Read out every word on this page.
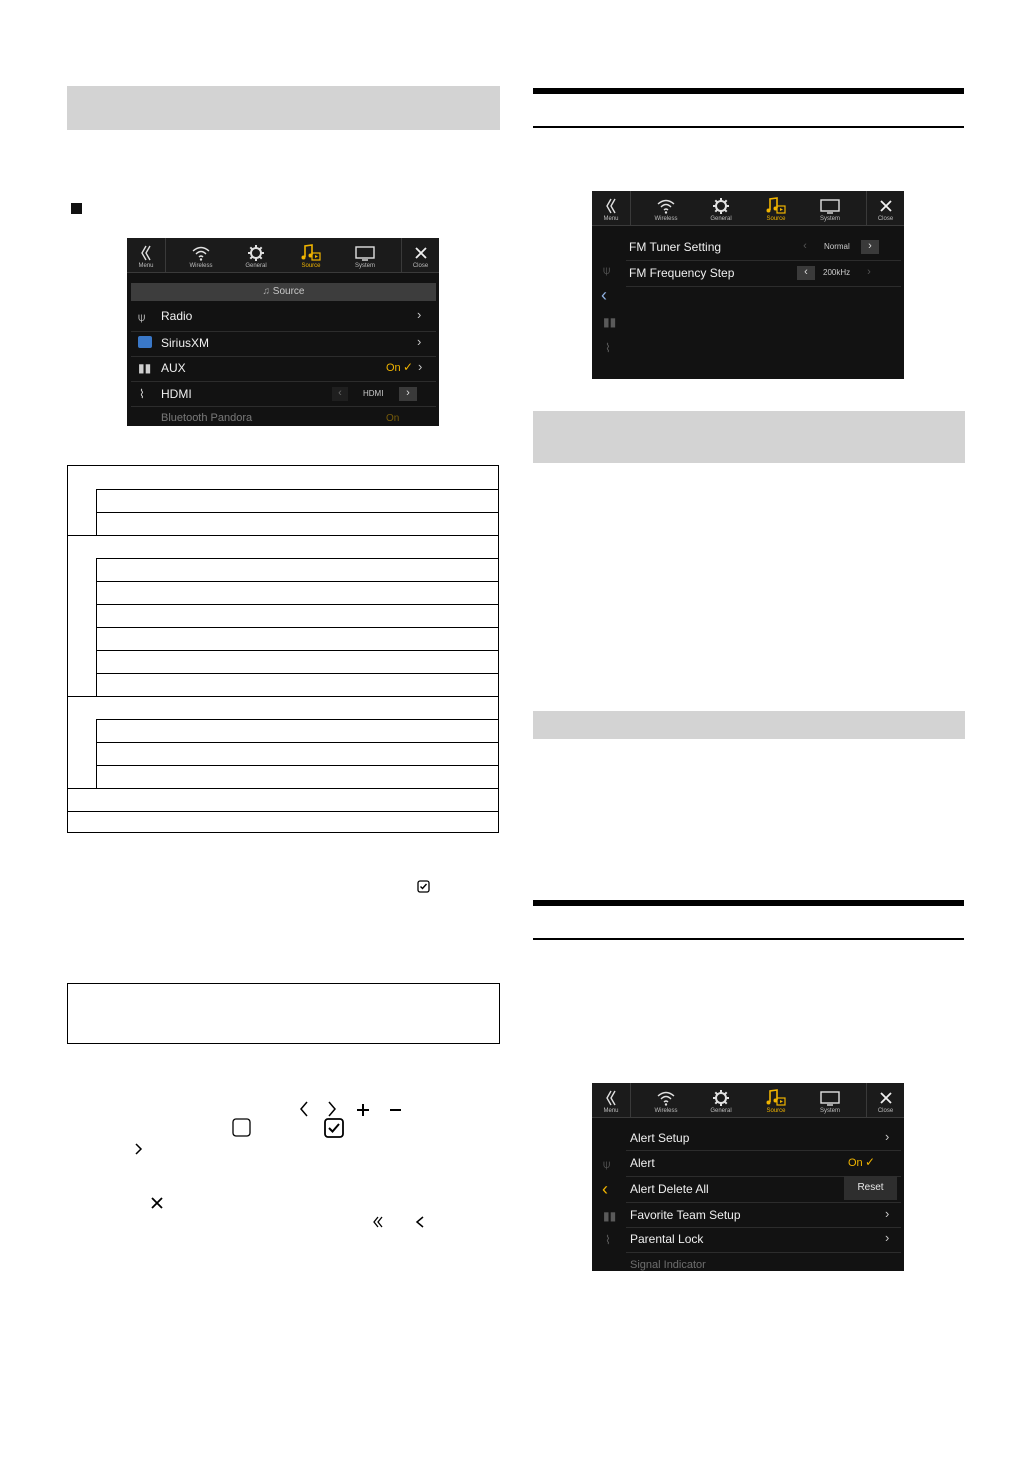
Menu	Wireless	General	Source	System	Close
♫ Source
⍦ Radio	›
SiriusXM	›
▮▮ AUX	On ✓ ›
⌇ HDMI	‹	HDMI	›
Bluetooth Pandora	On
Menu	Wireless	General	Source	System	Close
⍦
‹
▮▮
⌇
FM Tuner Setting	‹	Normal	›
FM Frequency Step	‹	200kHz	›
Menu	Wireless	General	Source	System	Close
⍦
‹
▮▮
⌇
Alert Setup	›
Alert	On ✓
Alert Delete All	Reset
Favorite Team Setup	›
Parental Lock	›
Signal Indicator
